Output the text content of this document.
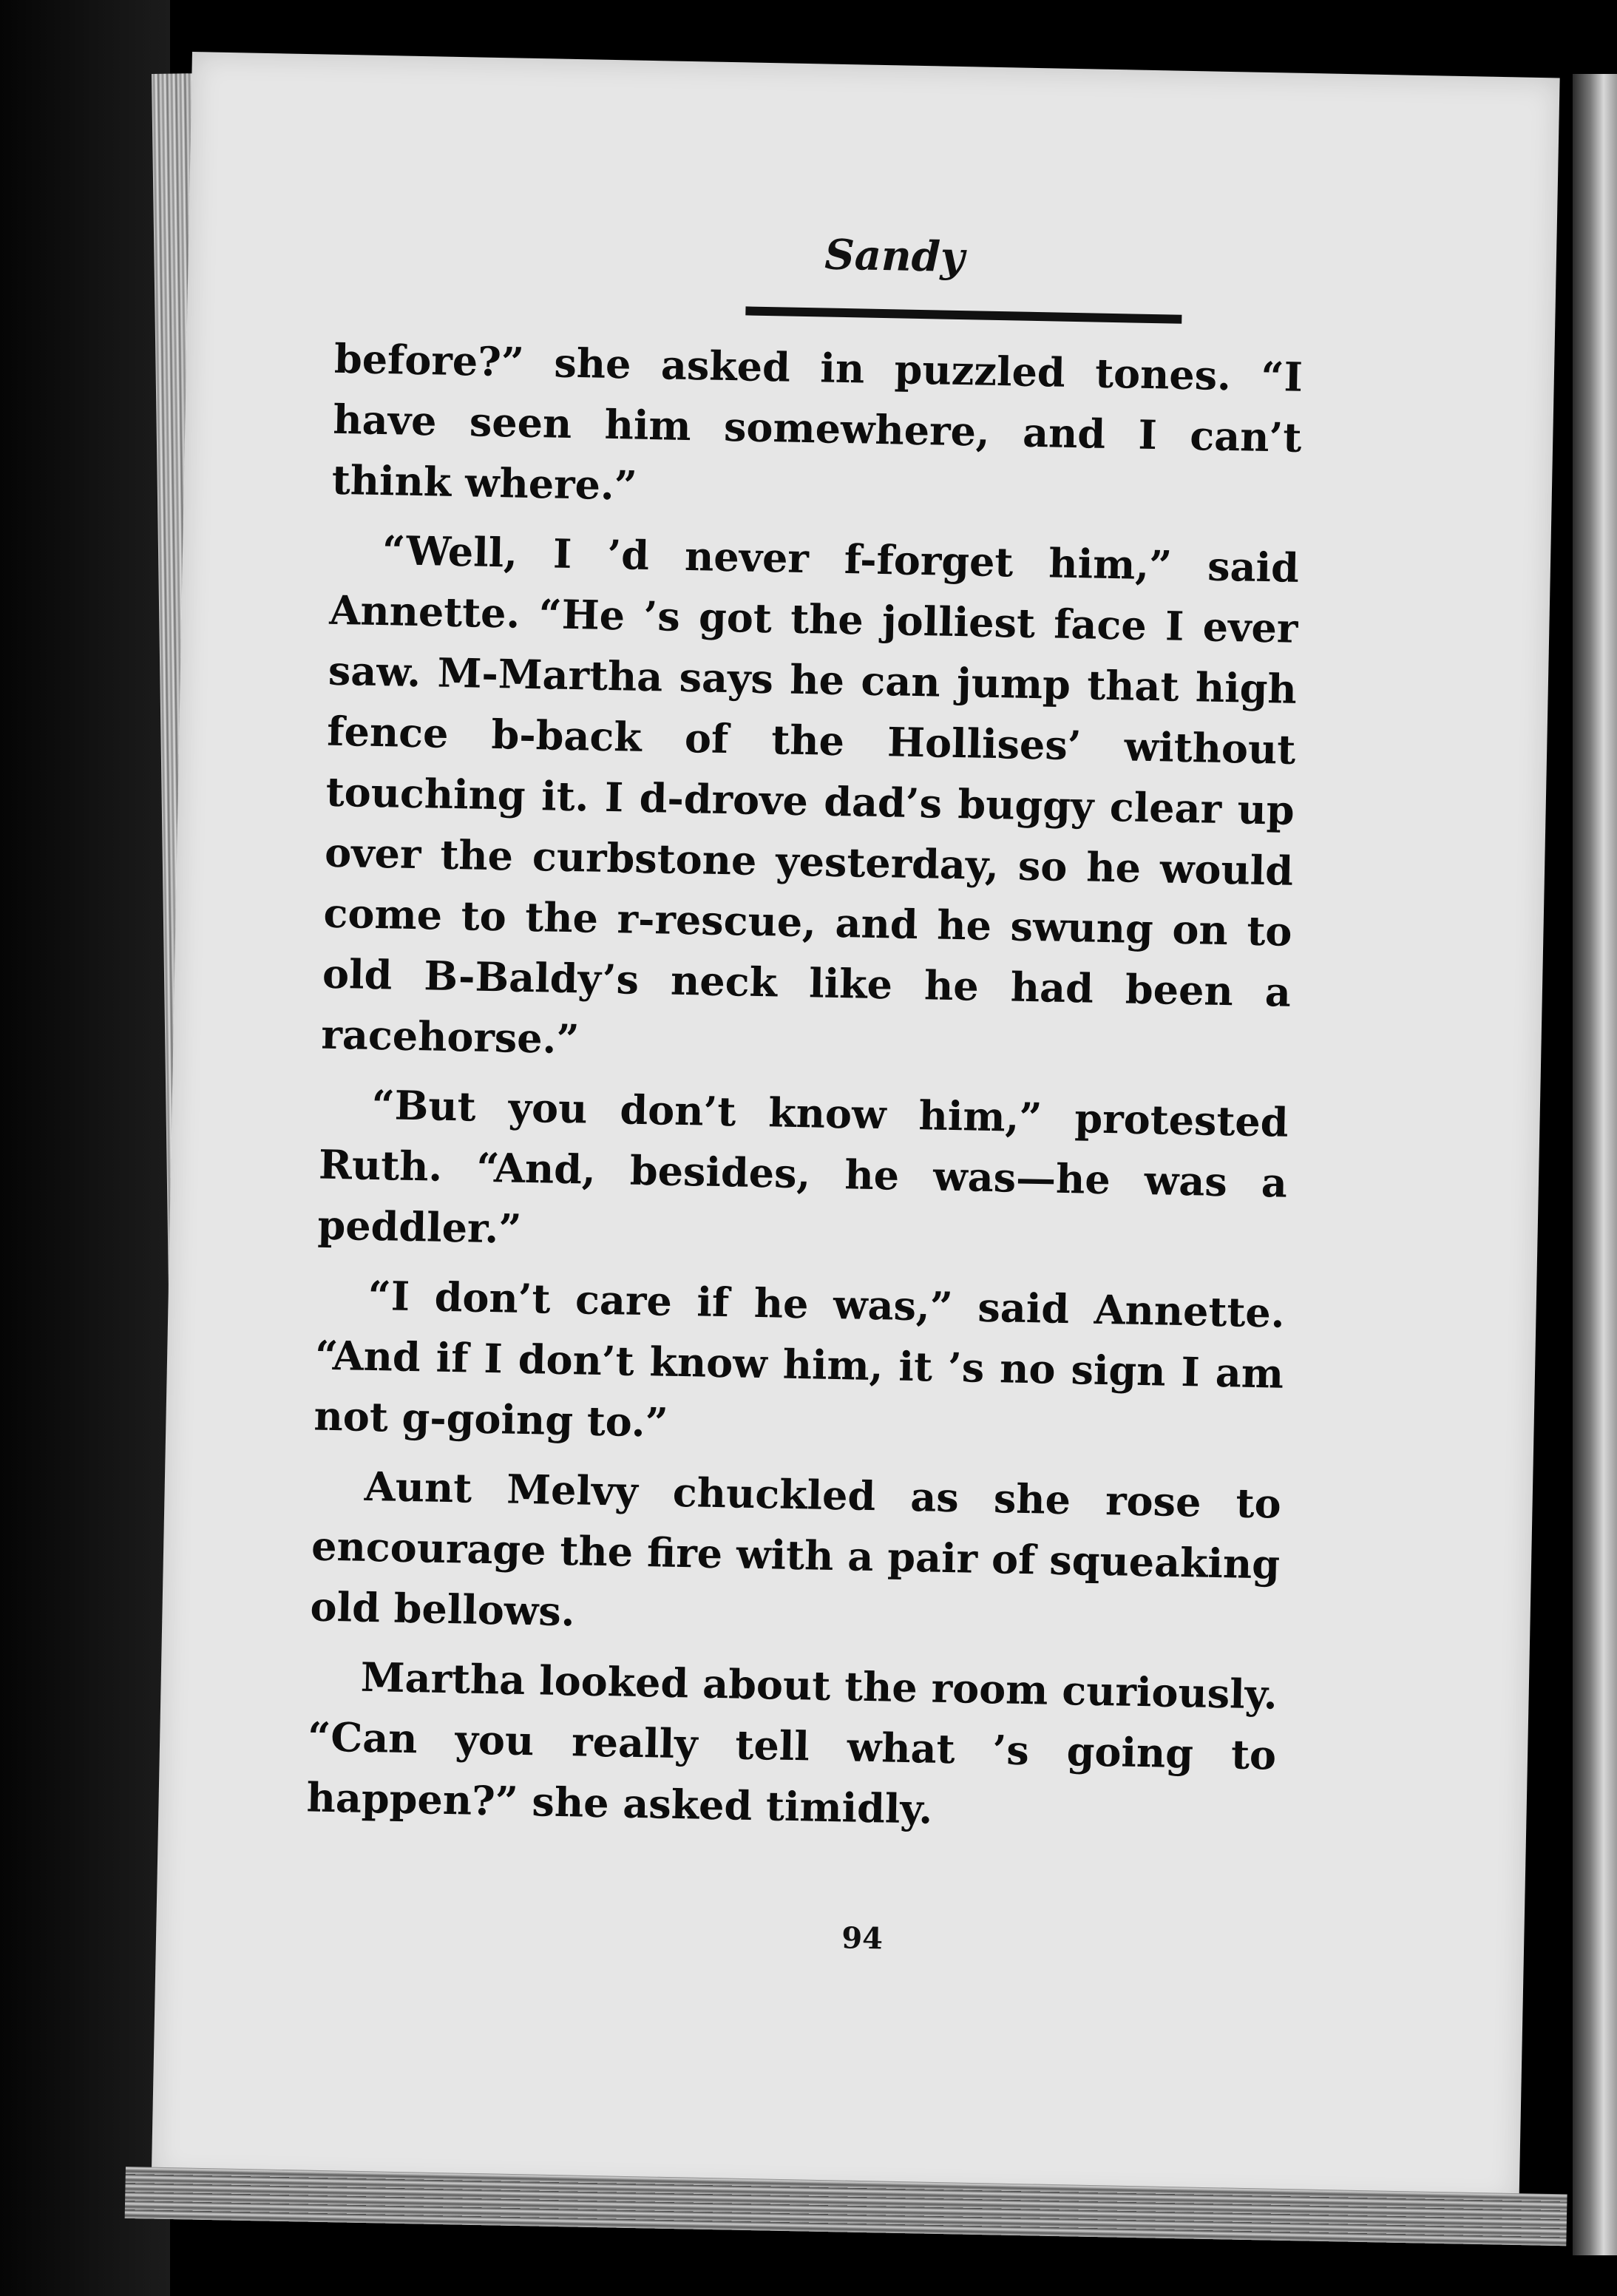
Sandy

before?” she asked in puzzled tones. “I have seen him somewhere, and I can’t think where.”

“Well, I ’d never f-forget him,” said Annette. “He ’s got the jolliest face I ever saw. M-Martha says he can jump that high fence b-back of the Hollises’ without touching it. I d-drove dad’s buggy clear up over the curbstone yesterday, so he would come to the r-rescue, and he swung on to old B-Baldy’s neck like he had been a racehorse.”

“But you don’t know him,” protested Ruth. “And, besides, he was—he was a peddler.”

“I don’t care if he was,” said Annette. “And if I don’t know him, it ’s no sign I am not g-going to.”

Aunt Melvy chuckled as she rose to encourage the fire with a pair of squeaking old bellows.

Martha looked about the room curiously. “Can you really tell what ’s going to happen?” she asked timidly.

94
